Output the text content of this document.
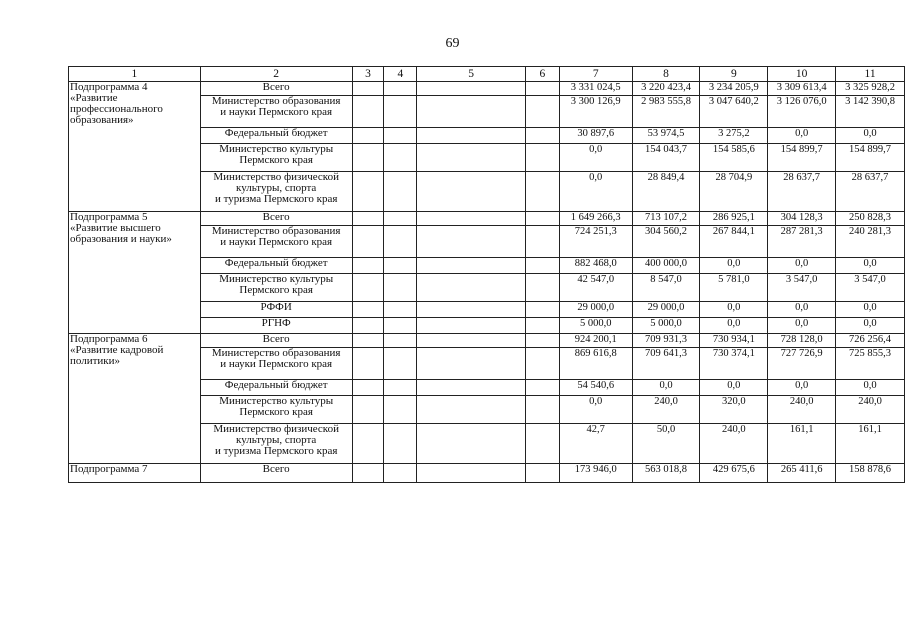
69
1	2	3	4	5	6	7	8	9	10	11
Подпрограмма 4
«Развитие
профессионального
образования»	Всего					3 331 024,5	3 220 423,4	3 234 205,9	3 309 613,4	3 325 928,2
	Министерство образования
и науки Пермского края					3 300 126,9	2 983 555,8	3 047 640,2	3 126 076,0	3 142 390,8
	Федеральный бюджет					30 897,6	53 974,5	3 275,2	0,0	0,0
	Министерство культуры
Пермского края					0,0	154 043,7	154 585,6	154 899,7	154 899,7
	Министерство физической
культуры, спорта
и туризма Пермского края					0,0	28 849,4	28 704,9	28 637,7	28 637,7
Подпрограмма 5
«Развитие высшего
образования и науки»	Всего					1 649 266,3	713 107,2	286 925,1	304 128,3	250 828,3
	Министерство образования
и науки Пермского края					724 251,3	304 560,2	267 844,1	287 281,3	240 281,3
	Федеральный бюджет					882 468,0	400 000,0	0,0	0,0	0,0
	Министерство культуры
Пермского края					42 547,0	8 547,0	5 781,0	3 547,0	3 547,0
	РФФИ					29 000,0	29 000,0	0,0	0,0	0,0
	РГНФ					5 000,0	5 000,0	0,0	0,0	0,0
Подпрограмма 6
«Развитие кадровой
политики»	Всего					924 200,1	709 931,3	730 934,1	728 128,0	726 256,4
	Министерство образования
и науки Пермского края					869 616,8	709 641,3	730 374,1	727 726,9	725 855,3
	Федеральный бюджет					54 540,6	0,0	0,0	0,0	0,0
	Министерство культуры
Пермского края					0,0	240,0	320,0	240,0	240,0
	Министерство физической
культуры, спорта
и туризма Пермского края					42,7	50,0	240,0	161,1	161,1
Подпрограмма 7	Всего					173 946,0	563 018,8	429 675,6	265 411,6	158 878,6
